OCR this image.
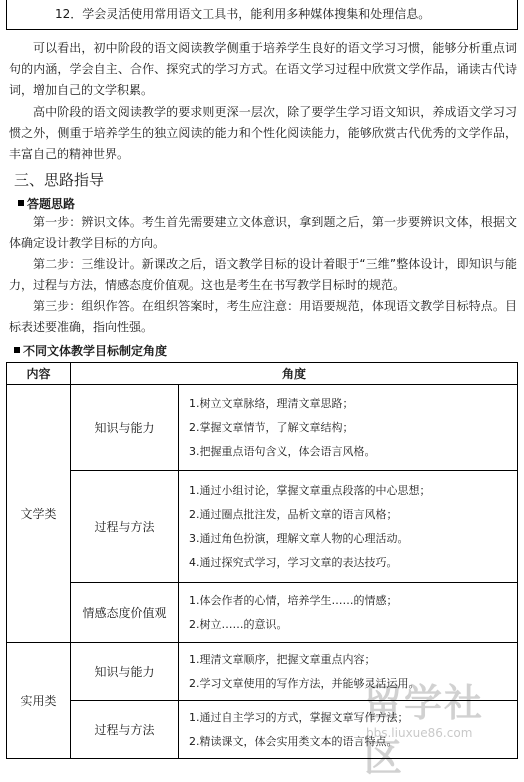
12．学会灵活使用常用语文工具书，能利用多种媒体搜集和处理信息。

可以看出，初中阶段的语文阅读教学侧重于培养学生良好的语文学习习惯，能够分析重点词句的内涵，学会自主、合作、探究式的学习方式。在语文学习过程中欣赏文学作品，诵读古代诗词，增加自己的文学积累。

高中阶段的语文阅读教学的要求则更深一层次，除了要学生学习语文知识，养成语文学习习惯之外，侧重于培养学生的独立阅读的能力和个性化阅读能力，能够欣赏古代优秀的文学作品，丰富自己的精神世界。

三、思路指导
答题思路

第一步：辨识文体。考生首先需要建立文体意识，拿到题之后，第一步要辨识文体，根据文体确定设计教学目标的方向。

第二步：三维设计。新课改之后，语文教学目标的设计着眼于“三维”整体设计，即知识与能力，过程与方法，情感态度价值观。这也是考生在书写教学目标时的规范。

第三步：组织作答。在组织答案时，考生应注意：用语要规范，体现语文教学目标特点。目标表述要准确，指向性强。

不同文体教学目标制定角度
内容	角度	
文学类	知识与能力	1.树立文章脉络，理清文章思路；
2.掌握文章情节，了解文章结构；
3.把握重点语句含义，体会语言风格。

	过程与方法	1.通过小组讨论，掌握文章重点段落的中心思想；
2.通过圈点批注发，品析文章的语言风格；
3.通过角色扮演，理解文章人物的心理活动。
4.通过探究式学习，学习文章的表达技巧。

	情感态度价值观	1.体会作者的心情，培养学生……的情感；
2.树立……的意识。

实用类	知识与能力	1.理清文章顺序，把握文章重点内容；
2.学习文章使用的写作方法，并能够灵活运用。

	过程与方法	1.通过自主学习的方式，掌握文章写作方法；
2.精读课文，体会实用类文本的语言特点。
留学社区
bbs.liuxue86.com
